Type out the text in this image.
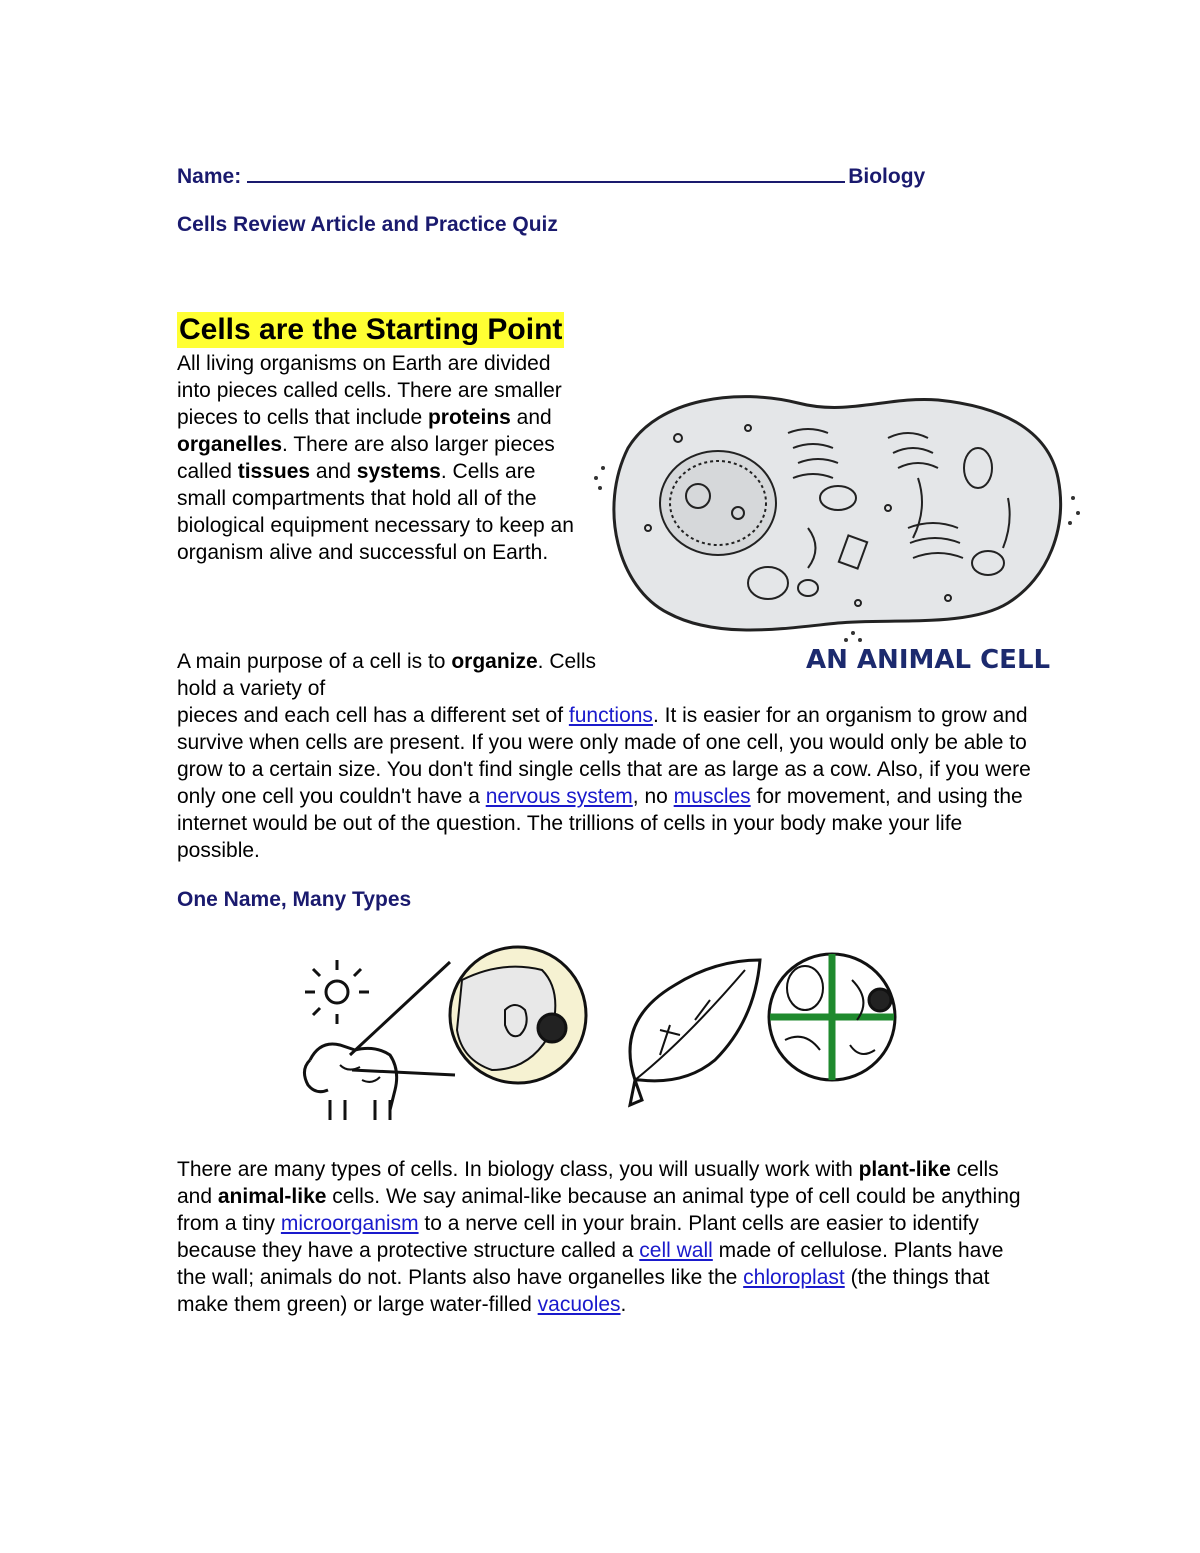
Name:	Biology
Cells Review Article and Practice Quiz
Cells are the Starting Point
All living organisms on Earth are divided into pieces called cells. There are smaller pieces to cells that include proteins and organelles. There are also larger pieces called tissues and systems. Cells are small compartments that hold all of the biological equipment necessary to keep an organism alive and successful on Earth.
AN ANIMAL CELL
A main purpose of a cell is to organize. Cells hold a variety of
pieces and each cell has a different set of functions. It is easier for an organism to grow and survive when cells are present. If you were only made of one cell, you would only be able to grow to a certain size. You don't find single cells that are as large as a cow. Also, if you were only one cell you couldn't have a nervous system, no muscles for movement, and using the internet would be out of the question. The trillions of cells in your body make your life possible.
One Name, Many Types
There are many types of cells. In biology class, you will usually work with plant-like cells and animal-like cells. We say animal-like because an animal type of cell could be anything from a tiny microorganism to a nerve cell in your brain. Plant cells are easier to identify because they have a protective structure called a cell wall made of cellulose. Plants have the wall; animals do not. Plants also have organelles like the chloroplast (the things that make them green) or large water-filled vacuoles.
